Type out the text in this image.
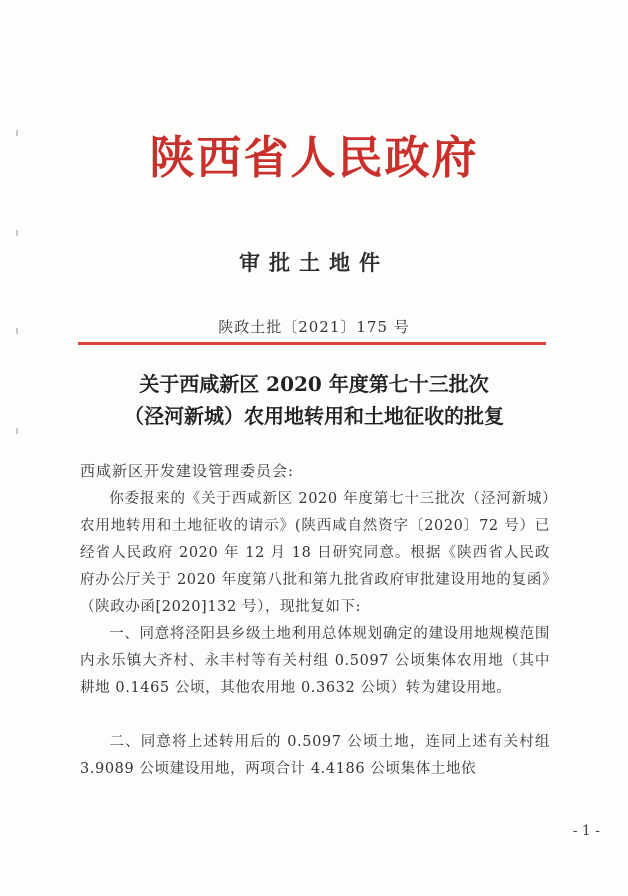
陕西省人民政府
审批土地件
陕政土批〔2021〕175 号
关于西咸新区 2020 年度第七十三批次
（泾河新城）农用地转用和土地征收的批复
西咸新区开发建设管理委员会:
你委报来的《关于西咸新区 2020 年度第七十三批次（泾河新城）农用地转用和土地征收的请示》(陕西咸自然资字〔2020〕72 号）已经省人民政府 2020 年 12 月 18 日研究同意。根据《陕西省人民政府办公厅关于 2020 年度第八批和第九批省政府审批建设用地的复函》（陕政办函[2020]132 号），现批复如下:
一、同意将泾阳县乡级土地利用总体规划确定的建设用地规模范围内永乐镇大齐村、永丰村等有关村组 0.5097 公顷集体农用地（其中耕地 0.1465 公顷，其他农用地 0.3632 公顷）转为建设用地。
二、同意将上述转用后的 0.5097 公顷土地，连同上述有关村组 3.9089 公顷建设用地，两项合计 4.4186 公顷集体土地依
- 1 -
